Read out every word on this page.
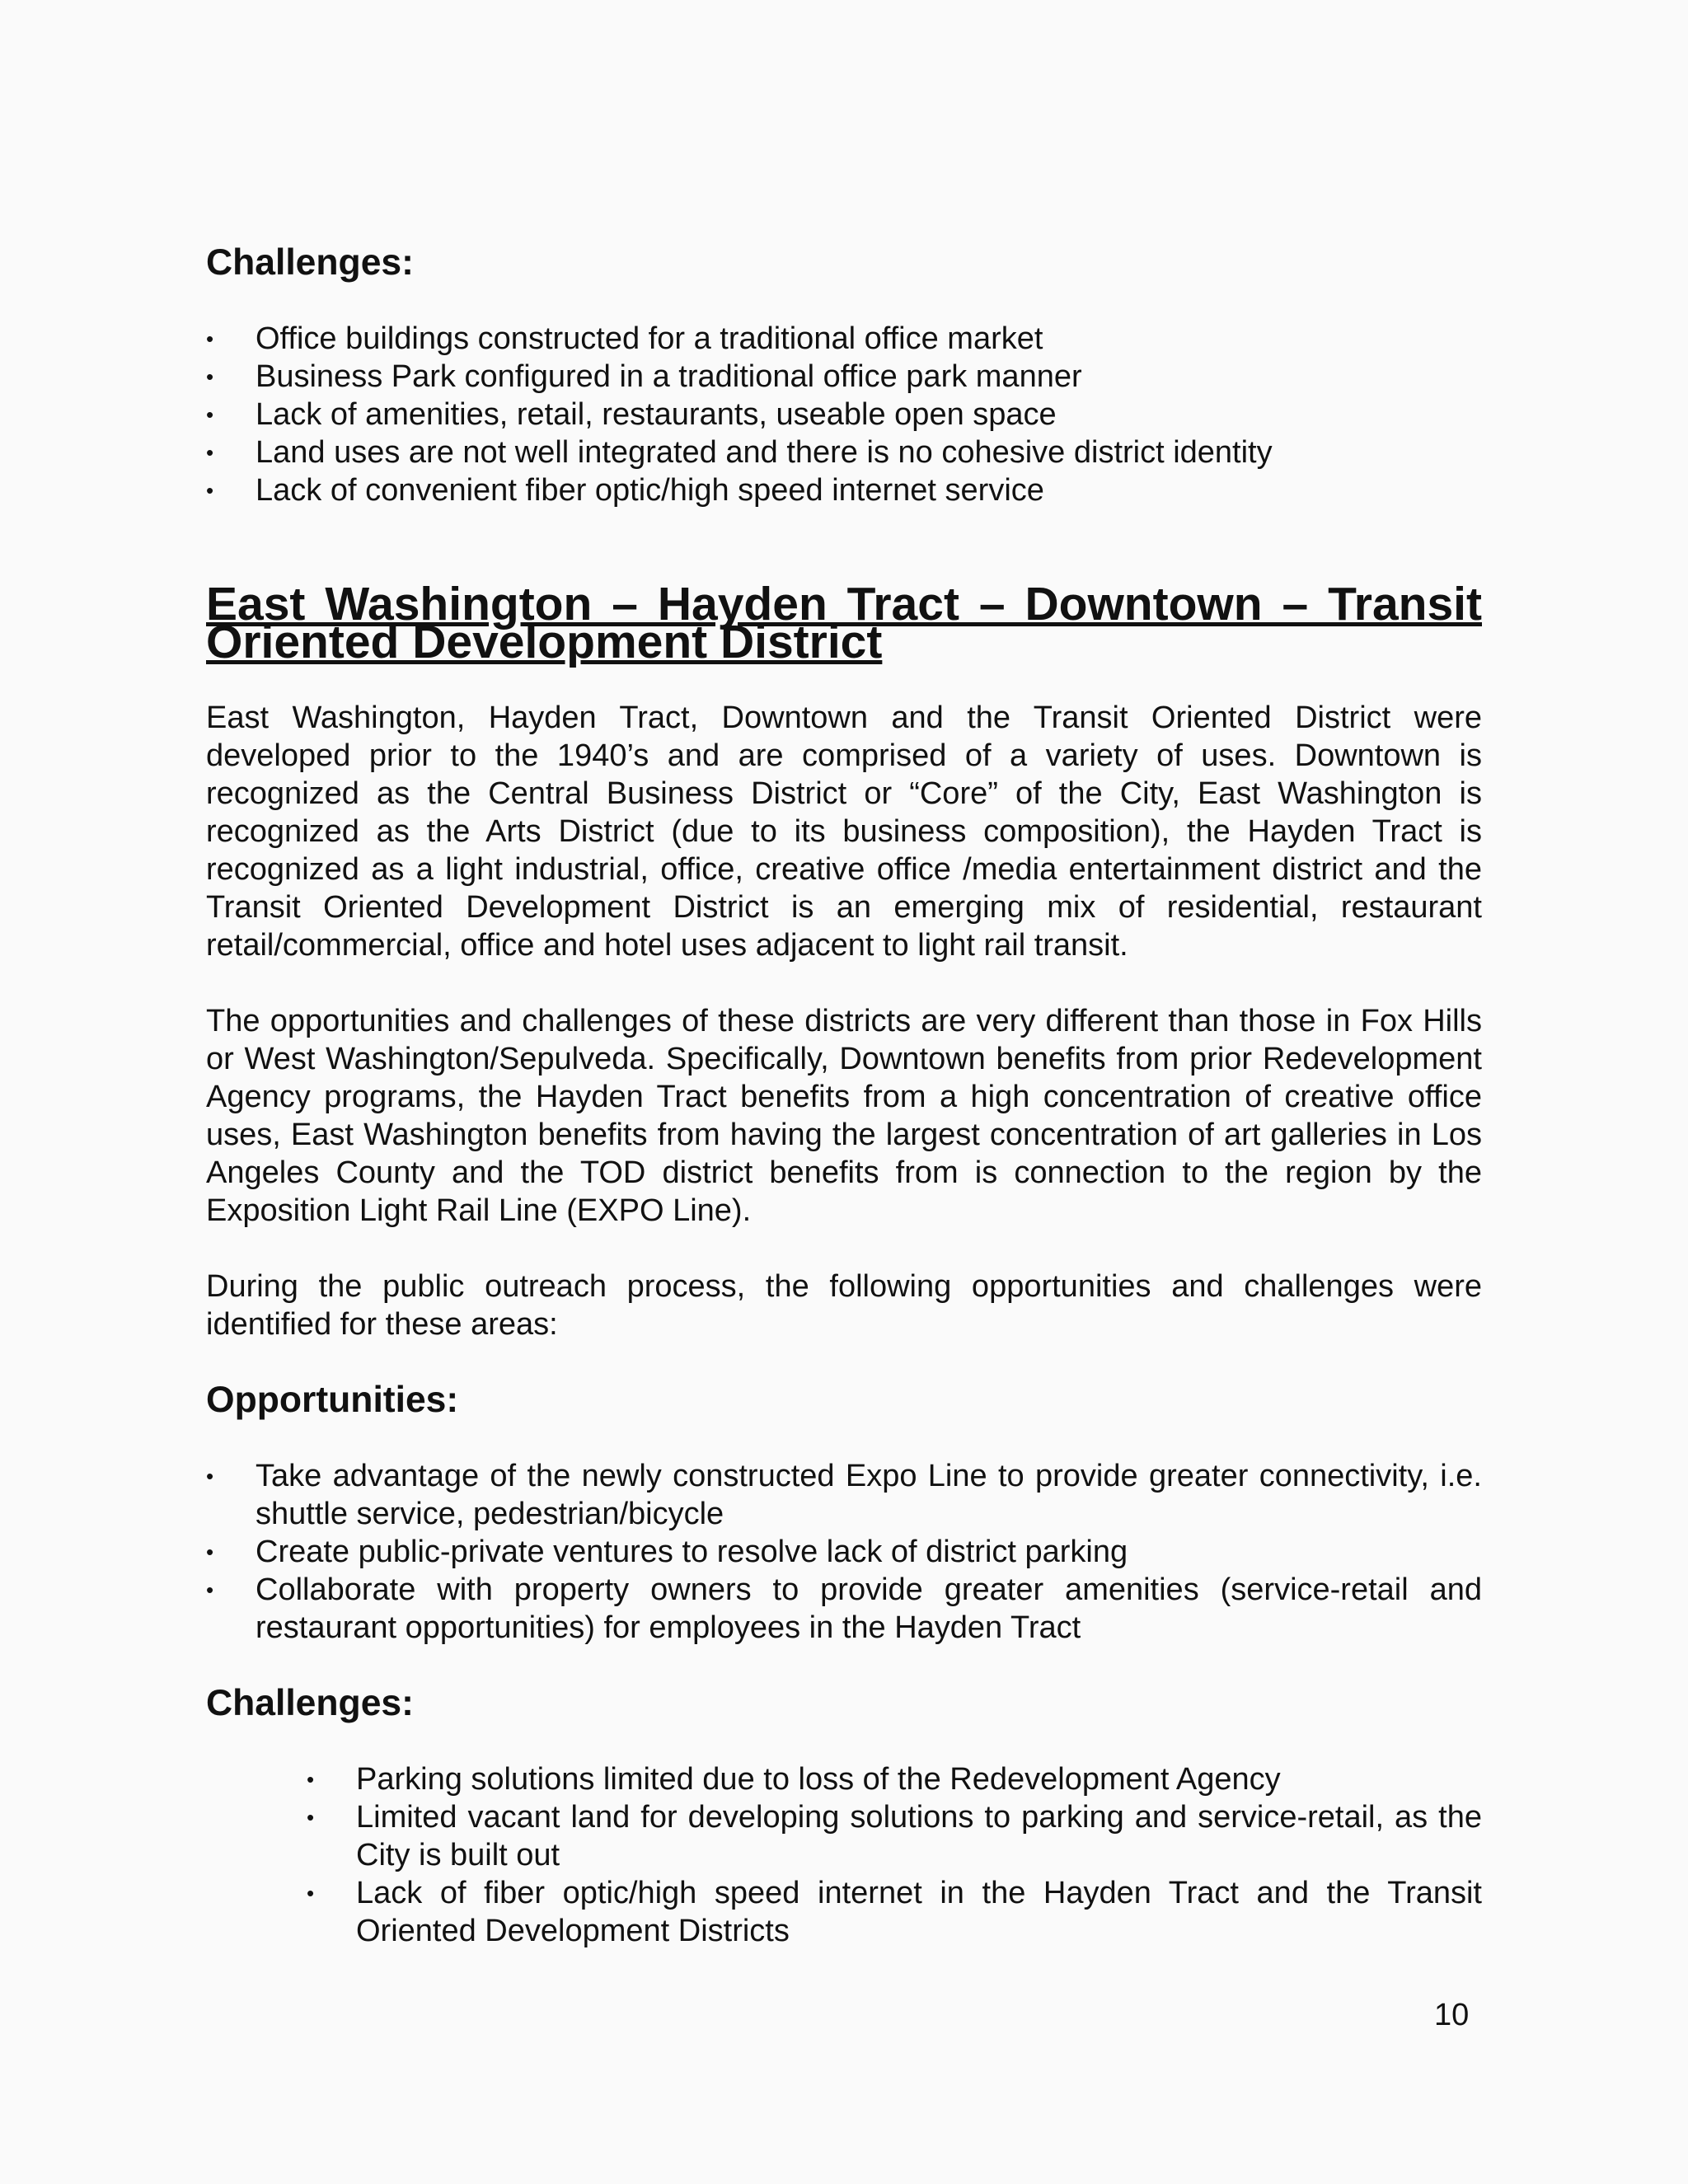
Challenges:
• Office buildings constructed for a traditional office market
• Business Park configured in a traditional office park manner
• Lack of amenities, retail, restaurants, useable open space
• Land uses are not well integrated and there is no cohesive district identity
• Lack of convenient fiber optic/high speed internet service
East Washington – Hayden Tract – Downtown – Transit Oriented Development District

East Washington, Hayden Tract, Downtown and the Transit Oriented District were developed prior to the 1940’s and are comprised of a variety of uses. Downtown is recognized as the Central Business District or “Core” of the City, East Washington is recognized as the Arts District (due to its business composition), the Hayden Tract is recognized as a light industrial, office, creative office /media entertainment district and the Transit Oriented Development District is an emerging mix of residential, restaurant retail/commercial, office and hotel uses adjacent to light rail transit.

The opportunities and challenges of these districts are very different than those in Fox Hills or West Washington/Sepulveda. Specifically, Downtown benefits from prior Redevelopment Agency programs, the Hayden Tract benefits from a high concentration of creative office uses, East Washington benefits from having the largest concentration of art galleries in Los Angeles County and the TOD district benefits from is connection to the region by the Exposition Light Rail Line (EXPO Line).

During the public outreach process, the following opportunities and challenges were identified for these areas:

Opportunities:
• Take advantage of the newly constructed Expo Line to provide greater connectivity, i.e. shuttle service, pedestrian/bicycle
• Create public-private ventures to resolve lack of district parking
• Collaborate with property owners to provide greater amenities (service-retail and restaurant opportunities) for employees in the Hayden Tract
Challenges:
• Parking solutions limited due to loss of the Redevelopment Agency
• Limited vacant land for developing solutions to parking and service-retail, as the City is built out
• Lack of fiber optic/high speed internet in the Hayden Tract and the Transit Oriented Development Districts
10
